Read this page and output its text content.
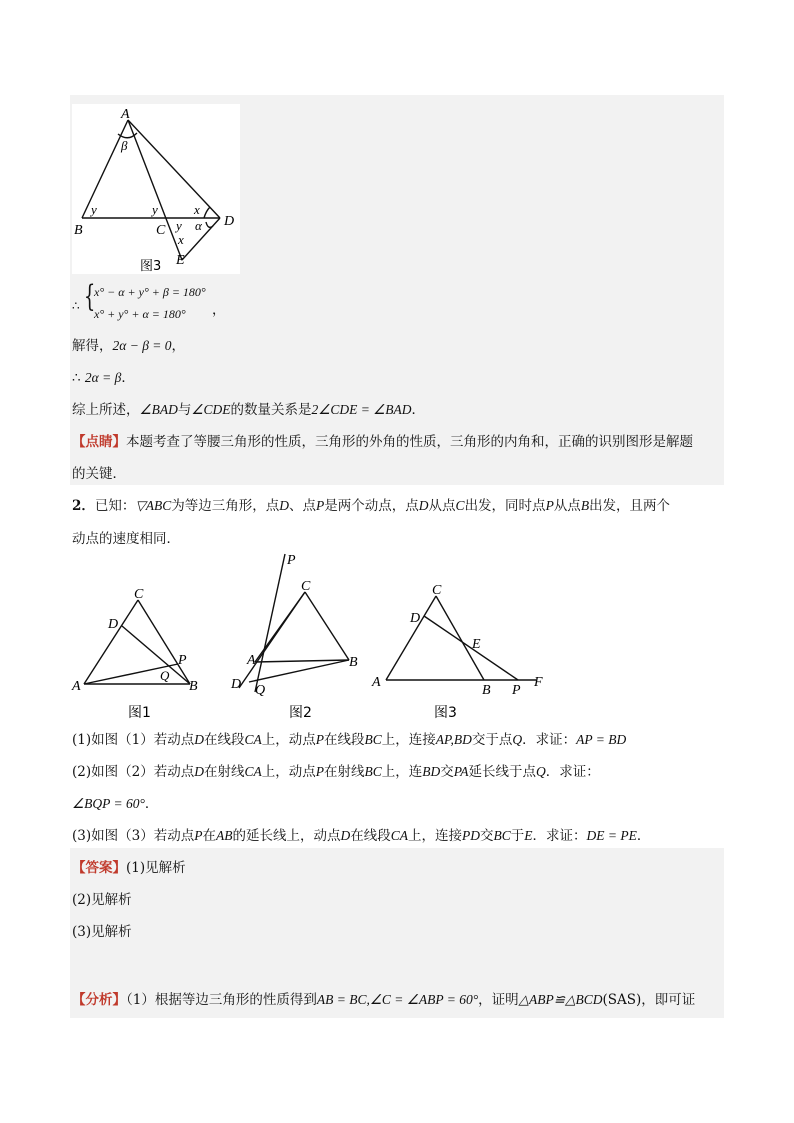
A
β
y	y	x
y α
x
B	C
D
E
图3
∴ {
x° − α + y° + β = 180°
x° + y° + α = 180° ，
解得，2α − β = 0，
∴ 2α = β．
综上所述，∠BAD与∠CDE的数量关系是2∠CDE = ∠BAD．
【点睛】本题考查了等腰三角形的性质，三角形的外角的性质，三角形的内角和，正确的识别图形是解题
的关键．
2．已知：▽ABC为等边三角形，点D、点P是两个动点，点D从点C出发，同时点P从点B出发，且两个
动点的速度相同．
C
D
P
Q
A	B
图1
P
C
A	B
D Q
图2
C
D
E
A
B P
F
图3
(1)如图（1）若动点D在线段CA上，动点P在线段BC上，连接AP,BD交于点Q．求证：AP = BD
(2)如图（2）若动点D在射线CA上，动点P在射线BC上，连BD交PA延长线于点Q．求证：
∠BQP = 60°．
(3)如图（3）若动点P在AB的延长线上，动点D在线段CA上，连接PD交BC于E．求证：DE = PE．
【答案】(1)见解析
(2)见解析
(3)见解析
【分析】（1）根据等边三角形的性质得到AB = BC,∠C = ∠ABP = 60°，证明△ABP≌△BCD(SAS)，即可证
